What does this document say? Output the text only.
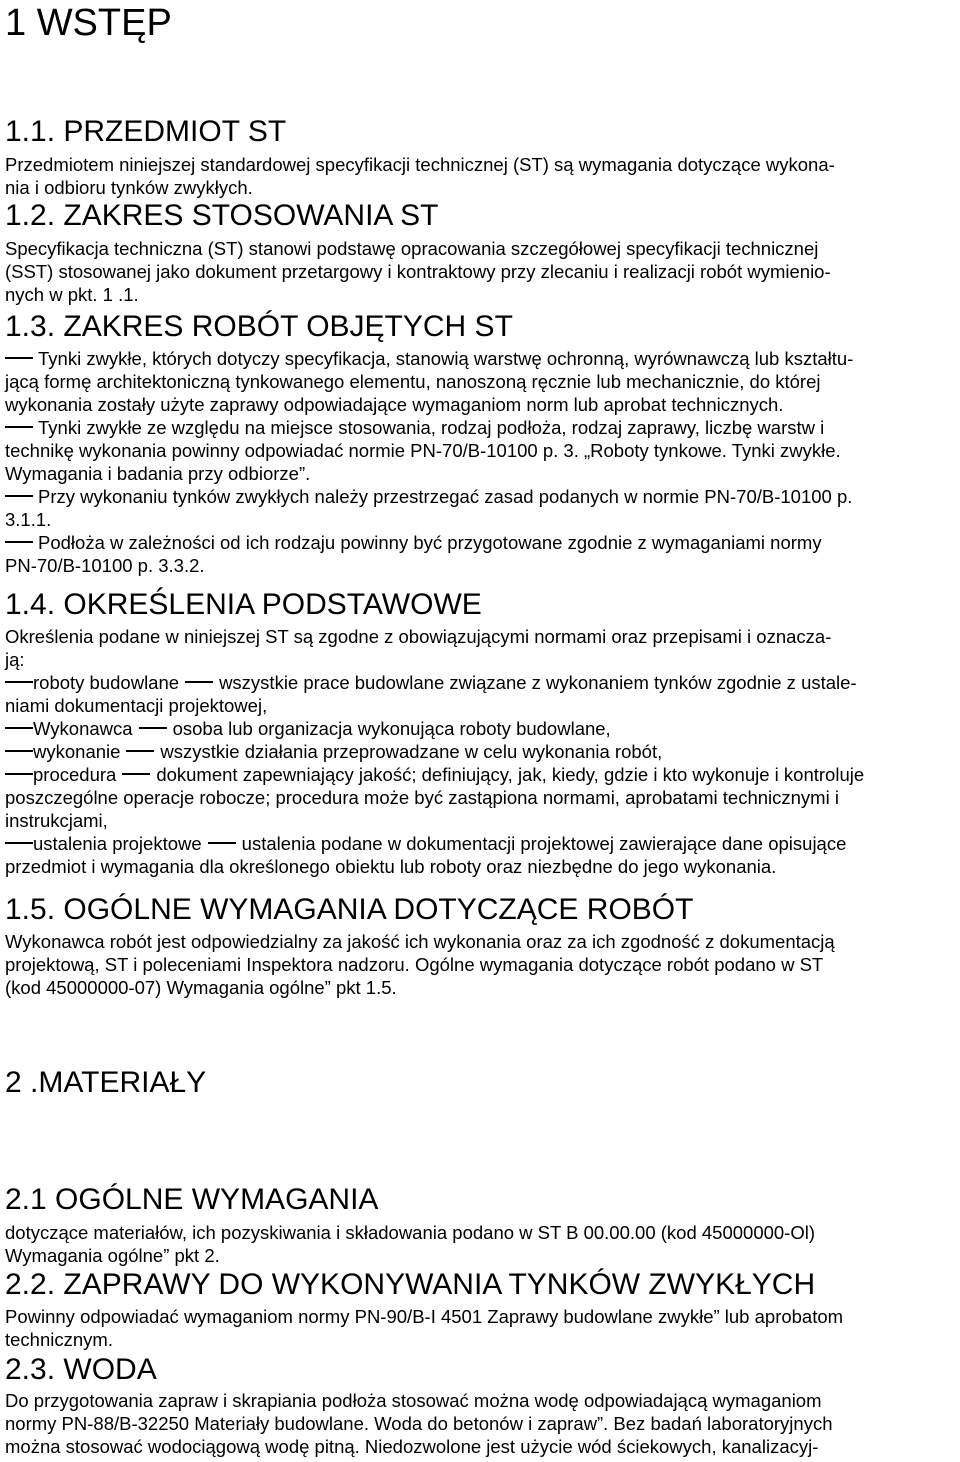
1 WSTĘP
1.1. PRZEDMIOT ST

Przedmiotem niniejszej standardowej specyfikacji technicznej (ST) są wymagania dotyczące wykona-

nia i odbioru tynków zwykłych.

1.2. ZAKRES STOSOWANIA ST

Specyfikacja techniczna (ST) stanowi podstawę opracowania szczegółowej specyfikacji technicznej

(SST) stosowanej jako dokument przetargowy i kontraktowy przy zlecaniu i realizacji robót wymienio-

nych w pkt. 1 .1.

1.3. ZAKRES ROBÓT OBJĘTYCH ST

Tynki zwykłe, których dotyczy specyfikacja, stanowią warstwę ochronną, wyrównawczą lub kształtu-

jącą formę architektoniczną tynkowanego elementu, nanoszoną ręcznie lub mechanicznie, do której

wykonania zostały użyte zaprawy odpowiadające wymaganiom norm lub aprobat technicznych.

Tynki zwykłe ze względu na miejsce stosowania, rodzaj podłoża, rodzaj zaprawy, liczbę warstw i

technikę wykonania powinny odpowiadać normie PN-70/B-10100 p. 3. „Roboty tynkowe. Tynki zwykłe.

Wymagania i badania przy odbiorze”.

Przy wykonaniu tynków zwykłych należy przestrzegać zasad podanych w normie PN-70/B-10100 p.

3.1.1.

Podłoża w zależności od ich rodzaju powinny być przygotowane zgodnie z wymaganiami normy

PN-70/B-10100 p. 3.3.2.

1.4. OKREŚLENIA PODSTAWOWE

Określenia podane w niniejszej ST są zgodne z obowiązującymi normami oraz przepisami i oznacza-

ją:

roboty budowlane wszystkie prace budowlane związane z wykonaniem tynków zgodnie z ustale-

niami dokumentacji projektowej,

Wykonawca osoba lub organizacja wykonująca roboty budowlane,

wykonanie wszystkie działania przeprowadzane w celu wykonania robót,

procedura dokument zapewniający jakość; definiujący, jak, kiedy, gdzie i kto wykonuje i kontroluje

poszczególne operacje robocze; procedura może być zastąpiona normami, aprobatami technicznymi i

instrukcjami,

ustalenia projektowe ustalenia podane w dokumentacji projektowej zawierające dane opisujące

przedmiot i wymagania dla określonego obiektu lub roboty oraz niezbędne do jego wykonania.

1.5. OGÓLNE WYMAGANIA DOTYCZĄCE ROBÓT

Wykonawca robót jest odpowiedzialny za jakość ich wykonania oraz za ich zgodność z dokumentacją

projektową, ST i poleceniami Inspektora nadzoru. Ogólne wymagania dotyczące robót podano w ST

(kod 45000000-07) Wymagania ogólne” pkt 1.5.

2 .MATERIAŁY
2.1 OGÓLNE WYMAGANIA

dotyczące materiałów, ich pozyskiwania i składowania podano w ST B 00.00.00 (kod 45000000-Ol)

Wymagania ogólne” pkt 2.

2.2. ZAPRAWY DO WYKONYWANIA TYNKÓW ZWYKŁYCH

Powinny odpowiadać wymaganiom normy PN-90/B-I 4501 Zaprawy budowlane zwykłe” lub aprobatom

technicznym.

2.3. WODA

Do przygotowania zapraw i skrapiania podłoża stosować można wodę odpowiadającą wymaganiom

normy PN-88/B-32250 Materiały budowlane. Woda do betonów i zapraw”. Bez badań laboratoryjnych

można stosować wodociągową wodę pitną. Niedozwolone jest użycie wód ściekowych, kanalizacyj-
